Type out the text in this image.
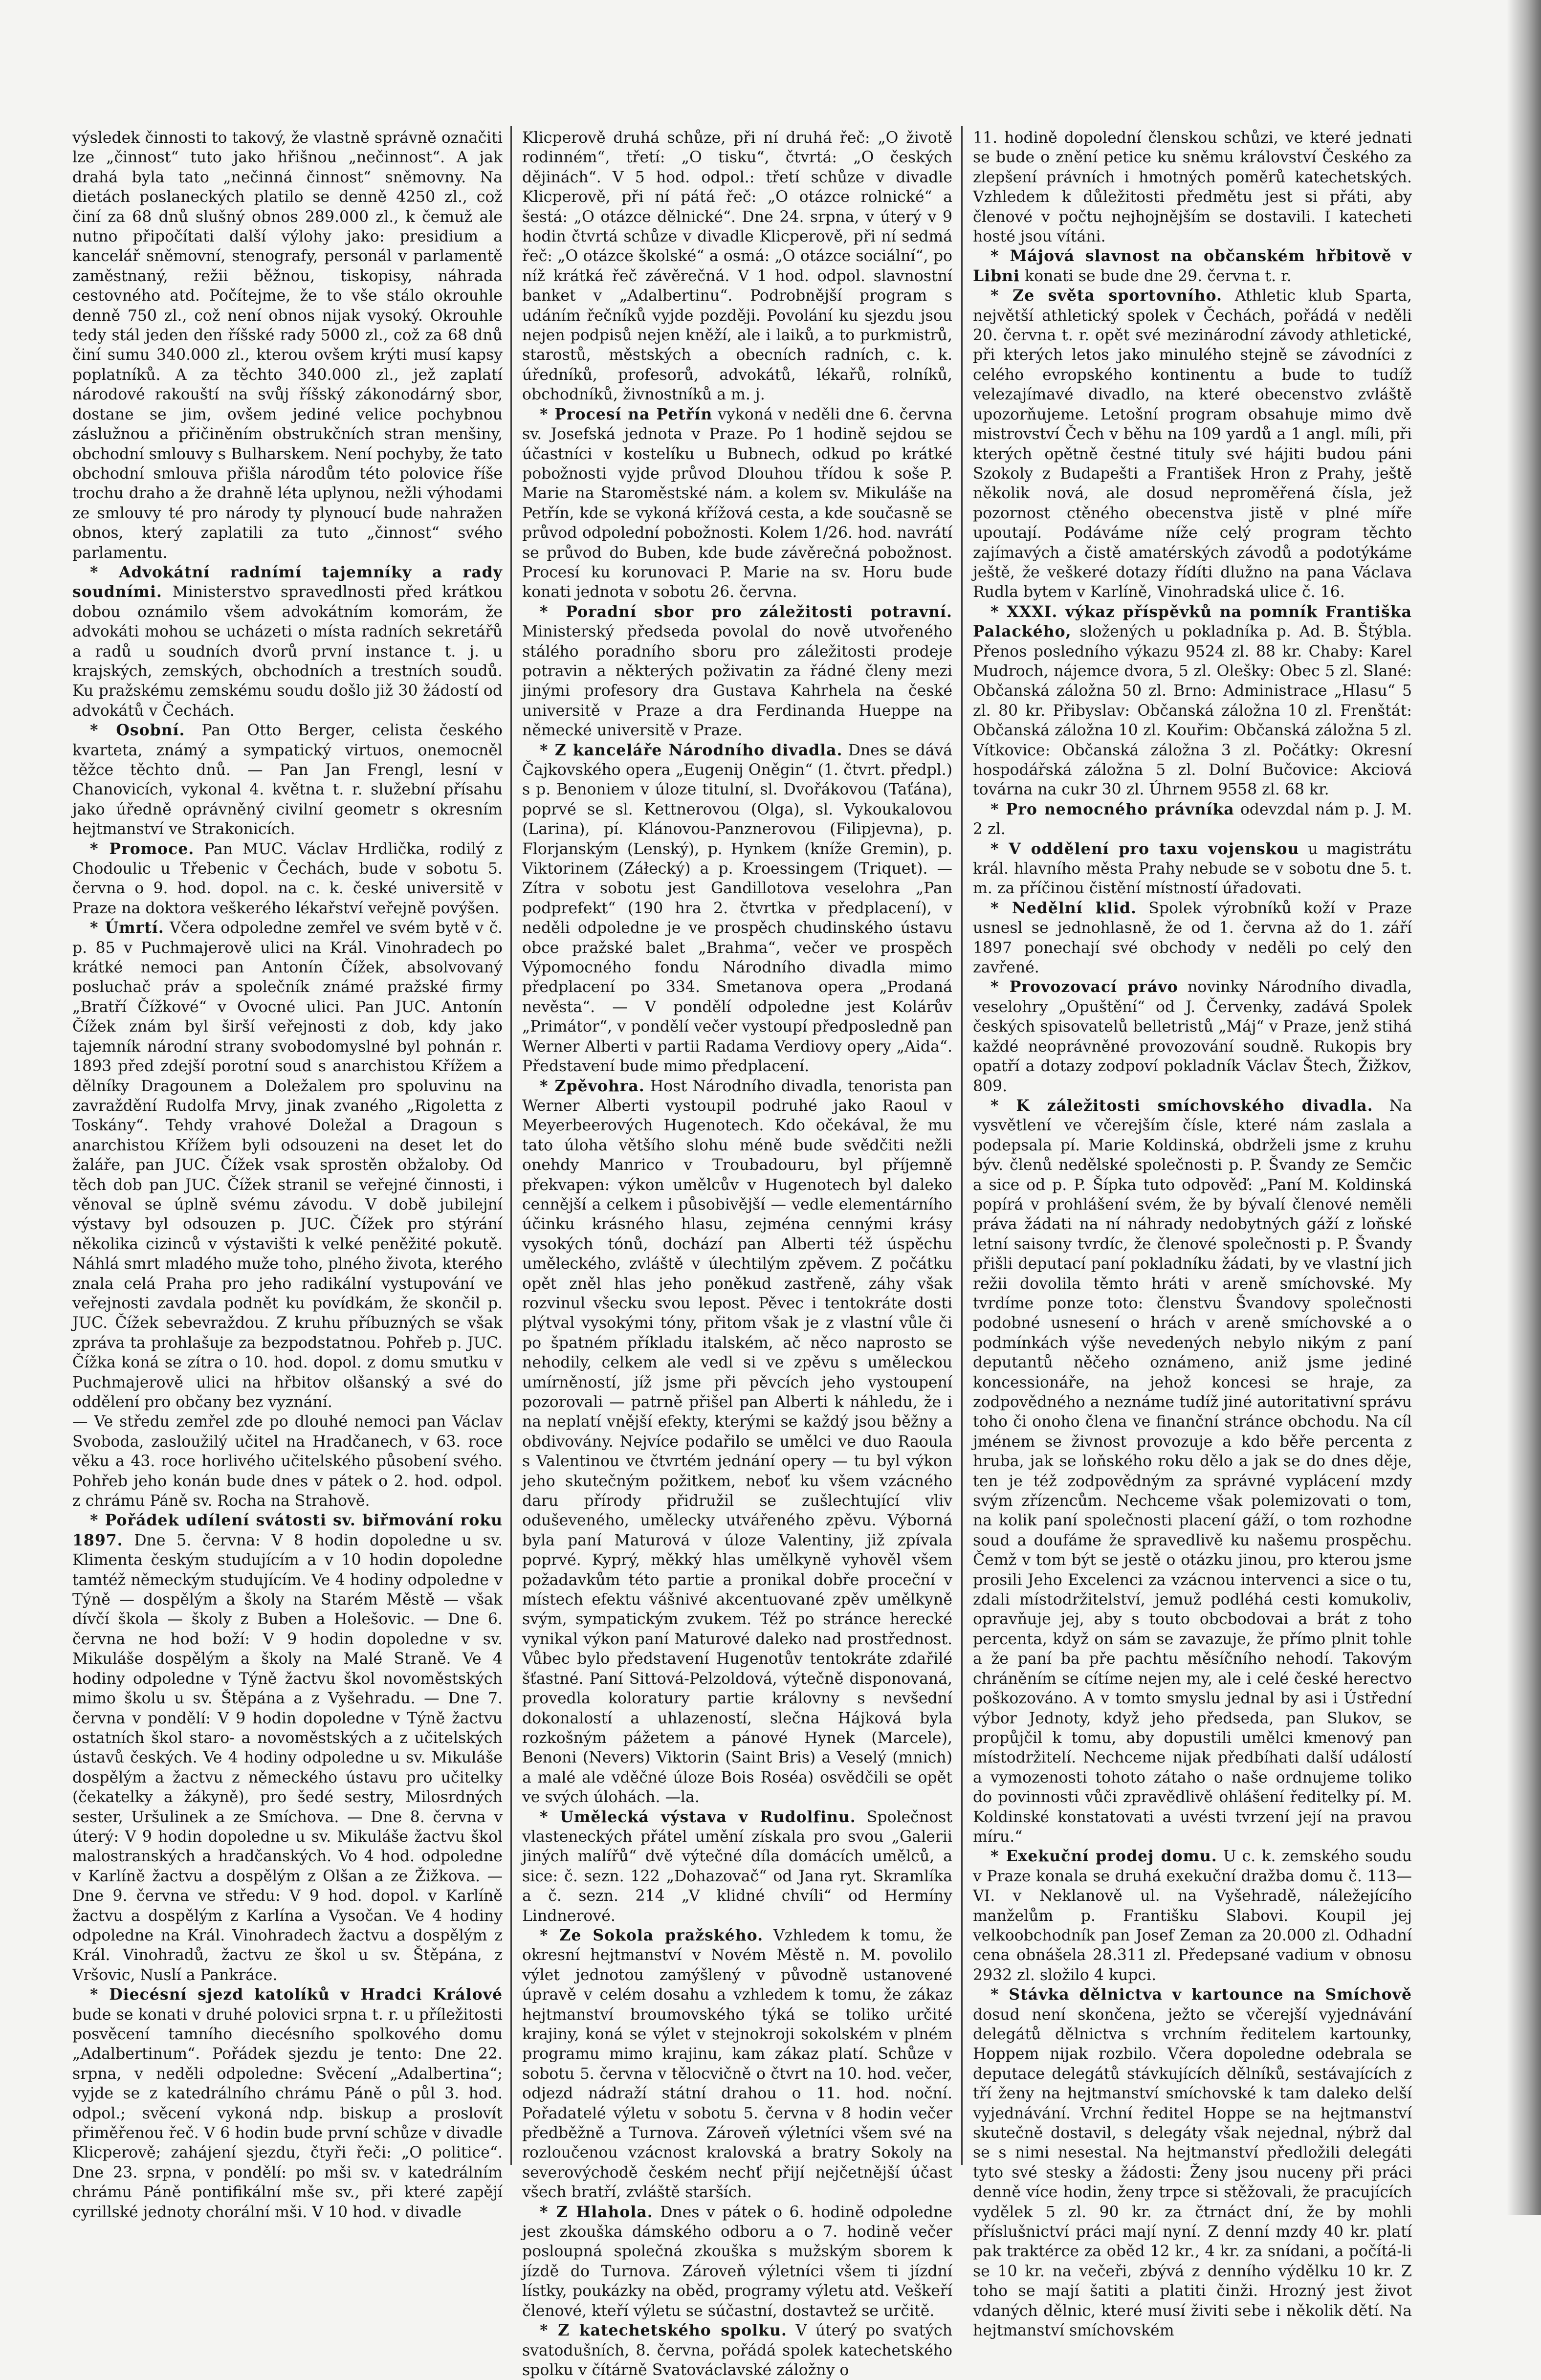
výsledek činnosti to takový, že vlastně správně označiti lze „činnost“ tuto jako hřišnou „nečinnost“. A jak drahá byla tato „nečinná činnost“ sněmovny. Na dietách poslaneckých platilo se denně 4250 zl., což činí za 68 dnů slušný obnos 289.000 zl., k čemuž ale nutno připočítati další výlohy jako: presidium a kancelář sněmovní, stenografy, personál v parlamentě zaměstnaný, režii běžnou, tiskopisy, náhrada cestovného atd. Počítejme, že to vše stálo okrouhle denně 750 zl., což není obnos nijak vysoký. Okrouhle tedy stál jeden den říšské rady 5000 zl., což za 68 dnů činí sumu 340.000 zl., kterou ovšem krýti musí kapsy poplatníků. A za těchto 340.000 zl., jež zaplatí národové rakouští na svůj říšský zákonodárný sbor, dostane se jim, ovšem jediné velice pochybnou záslužnou a přičiněním obstrukčních stran menšiny, obchodní smlouvy s Bulharskem. Není pochyby, že tato obchodní smlouva přišla národům této polovice říše trochu draho a že drahně léta uplynou, nežli výhodami ze smlouvy té pro národy ty plynoucí bude nahražen obnos, který zaplatili za tuto „činnost“ svého parlamentu.

* Advokátní radnímí tajemníky a rady soudními. Ministerstvo spravedlnosti před krátkou dobou oznámilo všem advokátním komorám, že advokáti mohou se ucházeti o místa radních sekretářů a radů u soudních dvorů první instance t. j. u krajských, zemských, obchodních a trestních soudů. Ku pražskému zemskému soudu došlo již 30 žádostí od advokátů v Čechách.

* Osobní. Pan Otto Berger, celista českého kvarteta, známý a sympatický virtuos, onemocněl těžce těchto dnů. — Pan Jan Frengl, lesní v Chanovicích, vykonal 4. května t. r. služební přísahu jako úředně oprávněný civilní geometr s okresním hejtmanství ve Strakonicích.

* Promoce. Pan MUC. Václav Hrdlička, rodilý z Chodoulic u Třebenic v Čechách, bude v sobotu 5. června o 9. hod. dopol. na c. k. české universitě v Praze na doktora veškerého lékařství veřejně povýšen.

* Úmrtí. Včera odpoledne zemřel ve svém bytě v č. p. 85 v Puchmajerově ulici na Král. Vinohradech po krátké nemoci pan Antonín Čížek, absolvovaný posluchač práv a společník známé pražské firmy „Bratří Čížkové“ v Ovocné ulici. Pan JUC. Antonín Čížek znám byl širší veřejnosti z dob, kdy jako tajemník národní strany svobodomyslné byl pohnán r. 1893 před zdejší porotní soud s anarchistou Křížem a dělníky Dragounem a Doležalem pro spoluvinu na zavraždění Rudolfa Mrvy, jinak zvaného „Rigoletta z Toskány“. Tehdy vrahové Doležal a Dragoun s anarchistou Křížem byli odsouzeni na deset let do žaláře, pan JUC. Čížek vsak sprostěn obžaloby. Od těch dob pan JUC. Čížek stranil se veřejné činnosti, i věnoval se úplně svému závodu. V době jubilejní výstavy byl odsouzen p. JUC. Čížek pro stýrání několika cizinců v výstavišti k velké peněžité pokutě. Náhlá smrt mladého muže toho, plného života, kterého znala celá Praha pro jeho radikální vystupování ve veřejnosti zavdala podnět ku povídkám, že skončil p. JUC. Čížek sebevraždou. Z kruhu příbuzných se však zpráva ta prohlašuje za bezpodstatnou. Pohřeb p. JUC. Čížka koná se zítra o 10. hod. dopol. z domu smutku v Puchmajerově ulici na hřbitov olšanský a své do oddělení pro občany bez vyznání.

— Ve středu zemřel zde po dlouhé nemoci pan Václav Svoboda, zasloužilý učitel na Hradčanech, v 63. roce věku a 43. roce horlivého učitelského působení svého. Pohřeb jeho konán bude dnes v pátek o 2. hod. odpol. z chrámu Páně sv. Rocha na Strahově.

* Pořádek udílení svátosti sv. biřmování roku 1897. Dne 5. června: V 8 hodin dopoledne u sv. Klimenta českým studujícím a v 10 hodin dopoledne tamtéž německým studujícím. Ve 4 hodiny odpoledne v Týně — dospělým a školy na Starém Městě — však dívčí škola — školy z Buben a Holešovic. — Dne 6. června ne hod boží: V 9 hodin dopoledne v sv. Mikuláše dospělým a školy na Malé Straně. Ve 4 hodiny odpoledne v Týně žactvu škol novoměstských mimo školu u sv. Štěpána a z Vyšehradu. — Dne 7. června v pondělí: V 9 hodin dopoledne v Týně žactvu ostatních škol staro- a novoměstských a z učitelských ústavů českých. Ve 4 hodiny odpoledne u sv. Mikuláše dospělým a žactvu z německého ústavu pro učitelky (čekatelky a žákyně), pro šedé sestry, Milosrdných sester, Uršulinek a ze Smíchova. — Dne 8. června v úterý: V 9 hodin dopoledne u sv. Mikuláše žactvu škol malostranských a hradčanských. Vo 4 hod. odpoledne v Karlíně žactvu a dospělým z Olšan a ze Žižkova. — Dne 9. června ve středu: V 9 hod. dopol. v Karlíně žactvu a dospělým z Karlína a Vysočan. Ve 4 hodiny odpoledne na Král. Vinohradech žactvu a dospělým z Král. Vinohradů, žactvu ze škol u sv. Štěpána, z Vršovic, Nuslí a Pankráce.

* Diecésní sjezd katolíků v Hradci Králové bude se konati v druhé polovici srpna t. r. u příležitosti posvěcení tamního diecésního spolkového domu „Adalbertinum“. Pořádek sjezdu je tento: Dne 22. srpna, v neděli odpoledne: Svěcení „Adalbertina“; vyjde se z katedrálního chrámu Páně o půl 3. hod. odpol.; svěcení vykoná ndp. biskup a proslovít přiměřenou řeč. V 6 hodin bude první schůze v divadle Klicperově; zahájení sjezdu, čtyři řeči: „O politice“. Dne 23. srpna, v pondělí: po mši sv. v katedrálním chrámu Páně pontifikální mše sv., při které zapějí cyrillské jednoty chorální mši. V 10 hod. v divadle

Klicperově druhá schůze, při ní druhá řeč: „O životě rodinném“, třetí: „O tisku“, čtvrtá: „O českých dějinách“. V 5 hod. odpol.: třetí schůze v divadle Klicperově, při ní pátá řeč: „O otázce rolnické“ a šestá: „O otázce dělnické“. Dne 24. srpna, v úterý v 9 hodin čtvrtá schůze v divadle Klicperově, při ní sedmá řeč: „O otázce školské“ a osmá: „O otázce sociální“, po níž krátká řeč závěrečná. V 1 hod. odpol. slavnostní banket v „Adalbertinu“. Podrobnější program s udáním řečníků vyjde později. Povolání ku sjezdu jsou nejen podpisů nejen kněží, ale i laiků, a to purkmistrů, starostů, městských a obecních radních, c. k. úředníků, profesorů, advokátů, lékařů, rolníků, obchodníků, živnostníků a m. j.

* Procesí na Petřín vykoná v neděli dne 6. června sv. Josefská jednota v Praze. Po 1 hodině sejdou se účastníci v kostelíku u Bubnech, odkud po krátké pobožnosti vyjde průvod Dlouhou třídou k sošе P. Marie na Staroměstské nám. a kolem sv. Mikuláše na Petřín, kde se vykoná křížová cesta, a kde současně se průvod odpolední pobožnosti. Kolem 1/26. hod. navrátí se průvod do Buben, kde bude závěrečná pobožnost. Procesí ku korunovaci P. Marie na sv. Horu bude konati jednota v sobotu 26. června.

* Poradní sbor pro záležitosti potravní. Ministerský předseda povolal do nově utvořeného stálého poradního sboru pro záležitosti prodeje potravin a některých poživatin za řádné členy mezi jinými profesory dra Gustava Kahrhela na české universitě v Praze a dra Ferdinanda Hueppe na německé universitě v Praze.

* Z kanceláře Národního divadla. Dnes se dává Čajkovského opera „Eugenij Oněgin“ (1. čtvrt. předpl.) s p. Benoniem v úloze titulní, sl. Dvořákovou (Taťána), poprvé se sl. Kettnerovou (Olga), sl. Vykoukalovou (Larina), pí. Klánovou-Panznerovou (Filipjevna), p. Florjanským (Lenský), p. Hynkem (kníže Gremin), p. Viktorinem (Záłecký) a p. Kroessingem (Triquet). — Zítra v sobotu jest Gandillotova veselohra „Pan podprefekt“ (190 hra 2. čtvrtka v předplacení), v neděli odpoledne je ve prospěch chudinského ústavu obce pražské balet „Brahma“, večer ve prospěch Výpomocného fondu Národního divadla mimo předplacení po 334. Smetanova opera „Prodaná nevěsta“. — V pondělí odpoledne jest Kolárův „Primátor“, v pondělí večer vystoupí předposledně pan Werner Alberti v partii Radama Verdiovy opery „Aida“. Představení bude mimo předplacení.

* Zpěvohra. Host Národního divadla, tenorista pan Werner Alberti vystoupil podruhé jako Raoul v Meyerbeerových Hugenotech. Kdo očekával, že mu tato úloha většího slohu méně bude svědčiti nežli onehdy Manrico v Troubadouru, byl příjemně překvapen: výkon umělcův v Hugenotech byl daleko cennější a celkem i působivější — vedle elementárního účinku krásného hlasu, zejména cennými krásy vysokých tónů, dochází pan Alberti též úspěchu uměleckého, zvláště v úlechtilým zpěvem. Z počátku opět zněl hlas jeho poněkud zastřeně, záhy však rozvinul všecku svou lepost. Pěvec i tentokráte dosti plýtval vysokými tóny, přitom však je z vlastní vůle či po špatném příkladu italském, ač něco naprosto se nehodily, celkem ale vedl si ve zpěvu s uměleckou umírněností, jíž jsme při pěvcích jeho vystoupení pozorovali — patrně přišel pan Alberti k náhledu, že i na neplatí vnější efekty, kterými se každý jsou běžny a obdivovány. Nejvíce podařilo se umělci ve duo Raoula s Valentinou ve čtvrtém jednání opery — tu byl výkon jeho skutečným požitkem, neboť ku všem vzácného daru přírody přidružil se zušlechtující vliv oduševeného, umělecky utvářeného zpěvu. Výborná byla paní Maturová v úloze Valentiny, již zpívala poprvé. Kyprý, měkký hlas umělkyně vyhověl všem požadavkům této partie a pronikal dobře proceční v místech efektu vášnivé akcentuované zpěv umělkyně svým, sympatickým zvukem. Též po stránce herecké vynikal výkon paní Maturové daleko nad prostřednost. Vůbec bylo představení Hugenotův tentokráte zdařilé šťastné. Paní Sittová-Pelzoldová, výtečně disponovaná, provedla koloratury partie královny s nevšední dokonalostí a uhlazeností, slečna Hájková byla rozkošným pážetem a pánové Hynek (Marcele), Benoni (Nevers) Viktorin (Saint Bris) a Veselý (mnich) a malé ale vděčné úloze Bois Roséa) osvědčili se opět ve svých úlohách. —la.

* Umělecká výstava v Rudolfinu. Společnost vlasteneckých přátel umění získala pro svou „Galerii jiných malířů“ dvě výtečné díla domácích umělců, a sice: č. sezn. 122 „Dohazovač“ od Janа ryt. Skramlíka a č. sezn. 214 „V klidné chvíli“ od Hermíny Lindnerové.

* Ze Sokola pražského. Vzhledem k tomu, že okresní hejtmanství v Novém Městě n. M. povolilo výlet jednotou zamýšlený v původně ustanovené úpravě v celém dosahu a vzhledem k tomu, že zákaz hejtmanství broumovského týká se toliko určité krajiny, koná se výlet v stejnokroji sokolském v plném programu mimo krajinu, kam zákaz platí. Schůze v sobotu 5. června v tělocvičně o čtvrt na 10. hod. večer, odjezd nádraží státní drahou o 11. hod. noční. Pořadatelé výletu v sobotu 5. června v 8 hodin večer předběžně a Turnova. Zároveň výletníci všem své na rozloučenou vzácnost kralovská a bratry Sokoly na severovýchodě českém nechť přijí nejčetnější účast všech bratří, zvláště starších.

* Z Hlahola. Dnes v pátek o 6. hodině odpoledne jest zkouška dámského odboru a o 7. hodině večer posloupná společná zkouška s mužským sborem k jízdě do Turnova. Zároveň výletníci všem ti jízdní lístky, poukázky na oběd, programy výletu atd. Veškeří členové, kteří výletu se súčastní, dostavtež se určitě.

* Z katechetského spolku. V úterý po svatých svatodušních, 8. června, pořádá spolek katechetského spolku v čítárně Svatováclavské záložny o

11. hodině dopolední členskou schůzi, ve které jednati se bude o znění petice ku sněmu království Českého za zlepšení právních i hmotných poměrů katechetských. Vzhledem k důležitosti předmětu jest si přáti, aby členové v počtu nejhojnějším se dostavili. I katecheti hosté jsou vítáni.

* Májová slavnost na občanském hřbitově v Libni konati se bude dne 29. června t. r.

* Ze světa sportovního. Athletic klub Sparta, největší athletický spolek v Čechách, pořádá v neděli 20. června t. r. opět své mezinárodní závody athletické, při kterých letos jako minulého stejně se závodníci z celého evropského kontinentu a bude to tudíž velezajímavé divadlo, na které obecenstvo zvláště upozorňujeme. Letošní program obsahuje mimo dvě mistrovství Čech v běhu na 109 yardů a 1 angl. míli, při kterých opětně čestné tituly své hájiti budou páni Szokoly z Budapešti a František Hron z Prahy, ještě několik nová, ale dosud neproměřená čísla, jež pozornost ctěného obecenstva jistě v plné míře upoutají. Podáváme níže celý program těchto zajímavých a čistě amatérských závodů a podotýkáme ještě, že veškeré dotazy řídíti dlužno na pana Václava Rudla bytem v Karlíně, Vinohradská ulice č. 16.

* XXXI. výkaz příspěvků na pomník Františka Palackého, složených u pokladníka p. Ad. B. Štýbla. Přenos posledního výkazu 9524 zl. 88 kr. Chaby: Karel Mudroch, nájemce dvora, 5 zl. Olešky: Obec 5 zl. Slané: Občanská záložna 50 zl. Brno: Administrace „Hlasu“ 5 zl. 80 kr. Přibyslav: Občanská záložna 10 zl. Frenštát: Občanská záložna 10 zl. Kouřim: Občanská záložna 5 zl. Vítkovice: Občanská záložna 3 zl. Počátky: Okresní hospodářská záložna 5 zl. Dolní Bučovice: Akciová továrna na cukr 30 zl. Úhrnem 9558 zl. 68 kr.

* Pro nemocného právníka odevzdal nám p. J. M. 2 zl.

* V oddělení pro taxu vojenskou u magistrátu král. hlavního města Prahy nebude se v sobotu dne 5. t. m. za příčinou čistění místností úřadovati.

* Nedělní klid. Spolek výrobníků koží v Praze usnesl se jednohlasně, že od 1. června až do 1. září 1897 ponechají své obchody v neděli po celý den zavřené.

* Provozovací právo novinky Národního divadla, veselohry „Opuštění“ od J. Červenky, zadává Spolek českých spisovatelů belletristů „Máj“ v Praze, jenž stihá každé neoprávněné provozování soudně. Rukopis bry opatří a dotazy zodpoví pokladník Václav Štech, Žižkov, 809.

* K záležitosti smíchovského divadla. Na vysvětlení ve včerejším čísle, které nám zaslala a podepsala pí. Marie Koldinská, obdrželi jsme z kruhu býv. členů nedělské společnosti p. P. Švandy ze Semčic a sice od p. P. Šípka tuto odpověď: „Paní M. Koldinská popírá v prohlášení svém, že by bývalí členové neměli práva žádati na ní náhrady nedobytných gáží z loňské letní saisony tvrdíc, že členové společnosti p. P. Švandy přišli deputací paní pokladníku žádati, by ve vlastní jich režii dovolila těmto hráti v areně smíchovské. My tvrdíme ponze toto: členstvu Švandovy společnosti podobné usnesení o hrách v areně smíchovské a o podmínkách výše nevedených nebylo nikým z paní deputantů něčeho oznámeno, aniž jsme jediné koncessionáře, na jehož koncesi se hraje, za zodpovědného a neznáme tudíž jiné autoritativní správu toho či onoho člena ve finanční stránce obchodu. Na cíl jménem se živnost provozuje a kdo běře percenta z hruba, jak se loňského roku dělo a jak se do dnes děje, ten je též zodpovědným za správné vyplácení mzdy svým zřízencům. Nechceme však polemizovati o tom, na kolik paní společnosti placení gáží, o tom rozhodne soud a doufáme že spravedlivě ku našemu prospěchu. Čemž v tom být se jestě o otázku jinou, pro kterou jsme prosili Jeho Excelenci za vzácnou intervenci a sice o tu, zdali místodržitelství, jemuž podléhá cesti komukoliv, opravňuje jej, aby s touto obcbodovai a brát z toho percenta, když on sám se zavazuje, že přímo plnit tohle a že paní ba pře pachtu měsíčního nehodí. Takovým chráněním se cítíme nejen my, ale i celé české herectvo poškozováno. A v tomto smyslu jednal by asi i Ústřední výbor Jednoty, když jeho předseda, pan Slukov, se propůjčil k tomu, aby dopustili umělci kmenový pan místodržitelí. Nechceme nijak předbíhati další událostí a vymozenosti tohoto zátaho o naše ordnujeme toliko do povinnosti vůči zpravědlivě ohlášení ředitelky pí. M. Koldinské konstatovati a uvésti tvrzení její na pravou míru.“

* Exekuční prodej domu. U c. k. zemského soudu v Praze konala se druhá exekuční dražba domu č. 113—VI. v Neklanově ul. na Vyšehradě, náležejícího manželům p. Františku Slabovi. Koupil jej velkoobchodník pan Josef Zeman za 20.000 zl. Odhadní cena obnášela 28.311 zl. Předepsané vadium v obnosu 2932 zl. složilo 4 kupci.

* Stávka dělnictva v kartounce na Smíchově dosud není skončena, ježto se včerejší vyjednávání delegátů dělnictva s vrchním ředitelem kartounky, Hoppem nijak rozbilo. Včera dopoledne odebrala se deputace delegátů stávkujících dělníků, sestávajících z tří ženy na hejtmanství smíchovské k tam daleko delší vyjednávání. Vrchní ředitel Hoppe se na hejtmanství skutečně dostavil, s delegáty však nejednal, nýbrž dal se s nimi nesestal. Na hejtmanství předložili delegáti tyto své stesky a žádosti: Ženy jsou nuceny při práci denně více hodin, ženy trpce si stěžovali, že pracujících vydělek 5 zl. 90 kr. za čtrnáct dní, že by mohli příslušnictví práci mají nyní. Z denní mzdy 40 kr. platí pak traktérce za oběd 12 kr., 4 kr. za snídani, a počítá-li se 10 kr. na večeři, zbývá z denního výdělku 10 kr. Z toho se mají šatiti a platiti činži. Hrozný jest život vdaných dělnic, které musí živiti sebe i několik dětí. Na hejtmanství smíchovském
